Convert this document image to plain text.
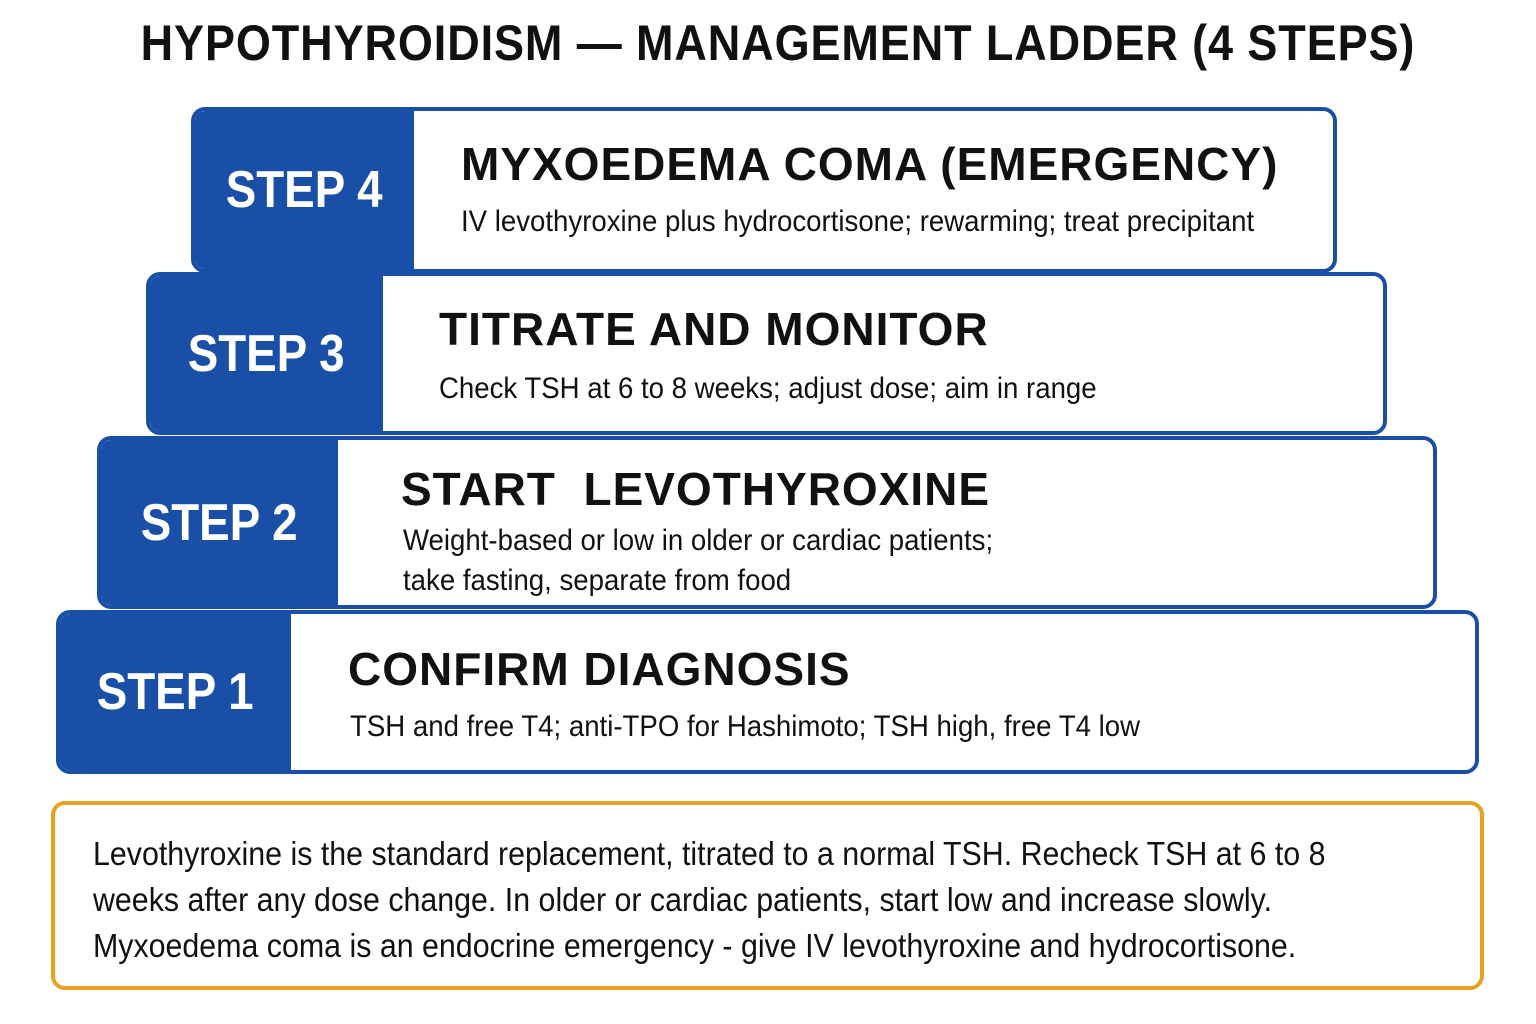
HYPOTHYROIDISM — MANAGEMENT LADDER (4 STEPS)
STEP 4 MYXOEDEMA COMA (EMERGENCY)
IV levothyroxine plus hydrocortisone; rewarming; treat precipitant
STEP 3 TITRATE AND MONITOR
Check TSH at 6 to 8 weeks; adjust dose; aim in range
STEP 2
START  LEVOTHYROXINE
Weight-based or low in older or cardiac patients;
take fasting, separate from food
STEP 1 CONFIRM DIAGNOSIS
TSH and free T4; anti-TPO for Hashimoto; TSH high, free T4 low
Levothyroxine is the standard replacement, titrated to a normal TSH. Recheck TSH at 6 to 8
weeks after any dose change. In older or cardiac patients, start low and increase slowly.
Myxoedema coma is an endocrine emergency - give IV levothyroxine and hydrocortisone.
